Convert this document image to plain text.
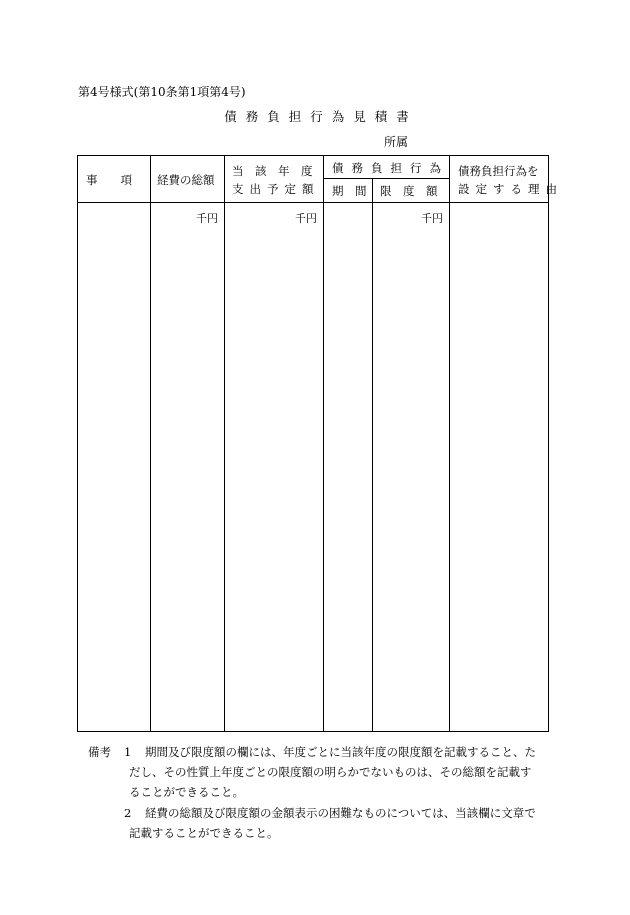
第4号様式(第10条第1項第4号)
債務負担行為見積書
所属
事　　項 経費の総額
当　該　年　度
支出予定額
債務負担行為
期　間 限　度　額
債務負担行為を
設定する理由
千円	千円	千円
備考 1 期間及び限度額の欄には、年度ごとに当該年度の限度額を記載すること、た
だし、その性質上年度ごとの限度額の明らかでないものは、その総額を記載す
ることができること。
2 経費の総額及び限度額の金額表示の困難なものについては、当該欄に文章で
記載することができること。
